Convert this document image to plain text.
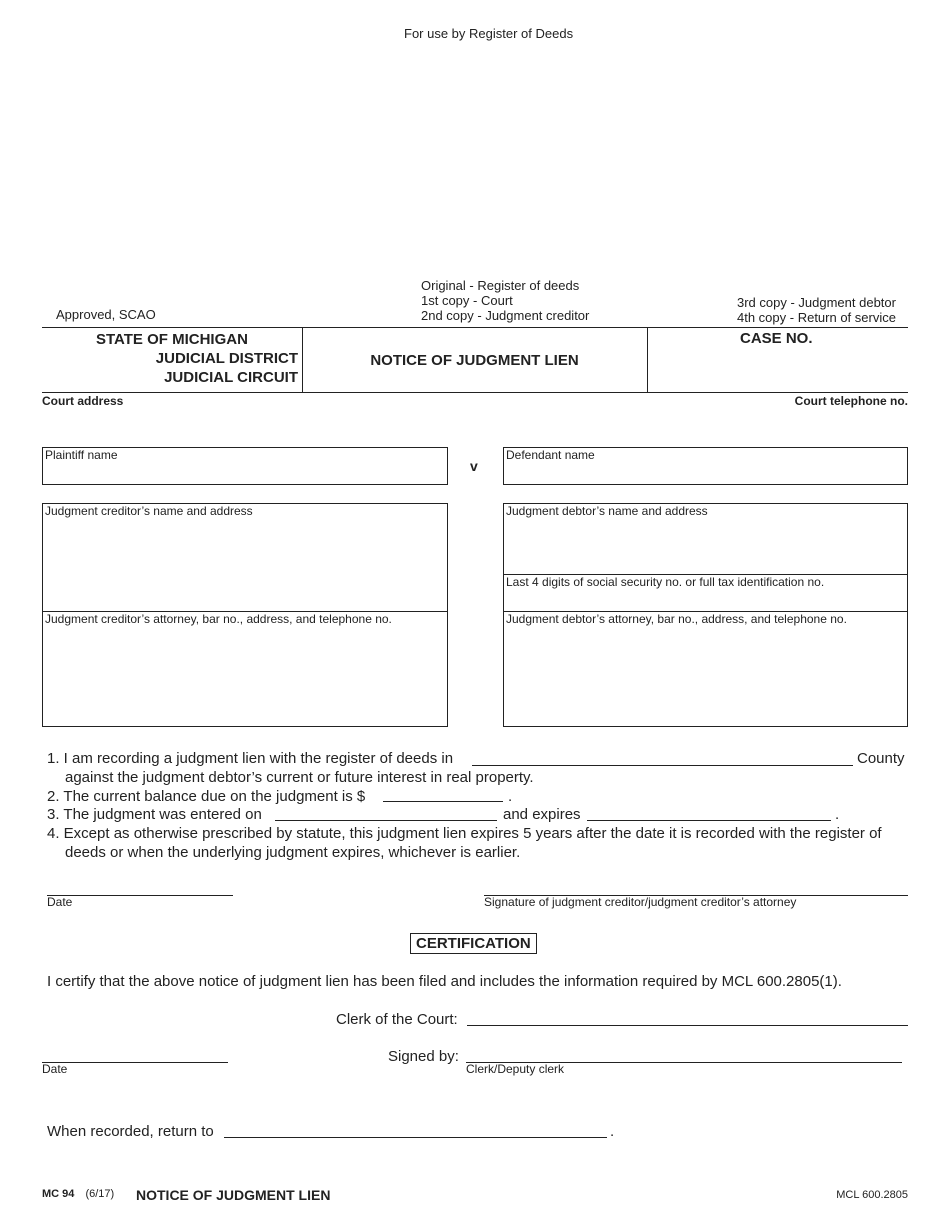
For use by Register of Deeds
Original - Register of deeds
1st copy - Court
2nd copy - Judgment creditor
3rd copy - Judgment debtor
4th copy - Return of service
Approved, SCAO
STATE OF MICHIGAN
JUDICIAL DISTRICT
JUDICIAL CIRCUIT
NOTICE OF JUDGMENT LIEN
CASE NO.
Court address	Court telephone no.
Plaintiff name
v
Defendant name
Judgment creditor’s name and address
Judgment creditor’s attorney, bar no., address, and telephone no.
Judgment debtor’s name and address
Last 4 digits of social security no. or full tax identification no.
Judgment debtor’s attorney, bar no., address, and telephone no.
1. I am recording a judgment lien with the register of deeds in	County
against the judgment debtor’s current or future interest in real property.
2. The current balance due on the judgment is $	.
3. The judgment was entered on	and expires	.
4. Except as otherwise prescribed by statute, this judgment lien expires 5 years after the date it is recorded with the register of
deeds or when the underlying judgment expires, whichever is earlier.
Date	Signature of judgment creditor/judgment creditor’s attorney
CERTIFICATION
I certify that the above notice of judgment lien has been filed and includes the information required by MCL 600.2805(1).
Clerk of the Court:
Date
Signed by:
Clerk/Deputy clerk
When recorded, return to	.
MC 94 (6/17) NOTICE OF JUDGMENT LIEN	MCL 600.2805
